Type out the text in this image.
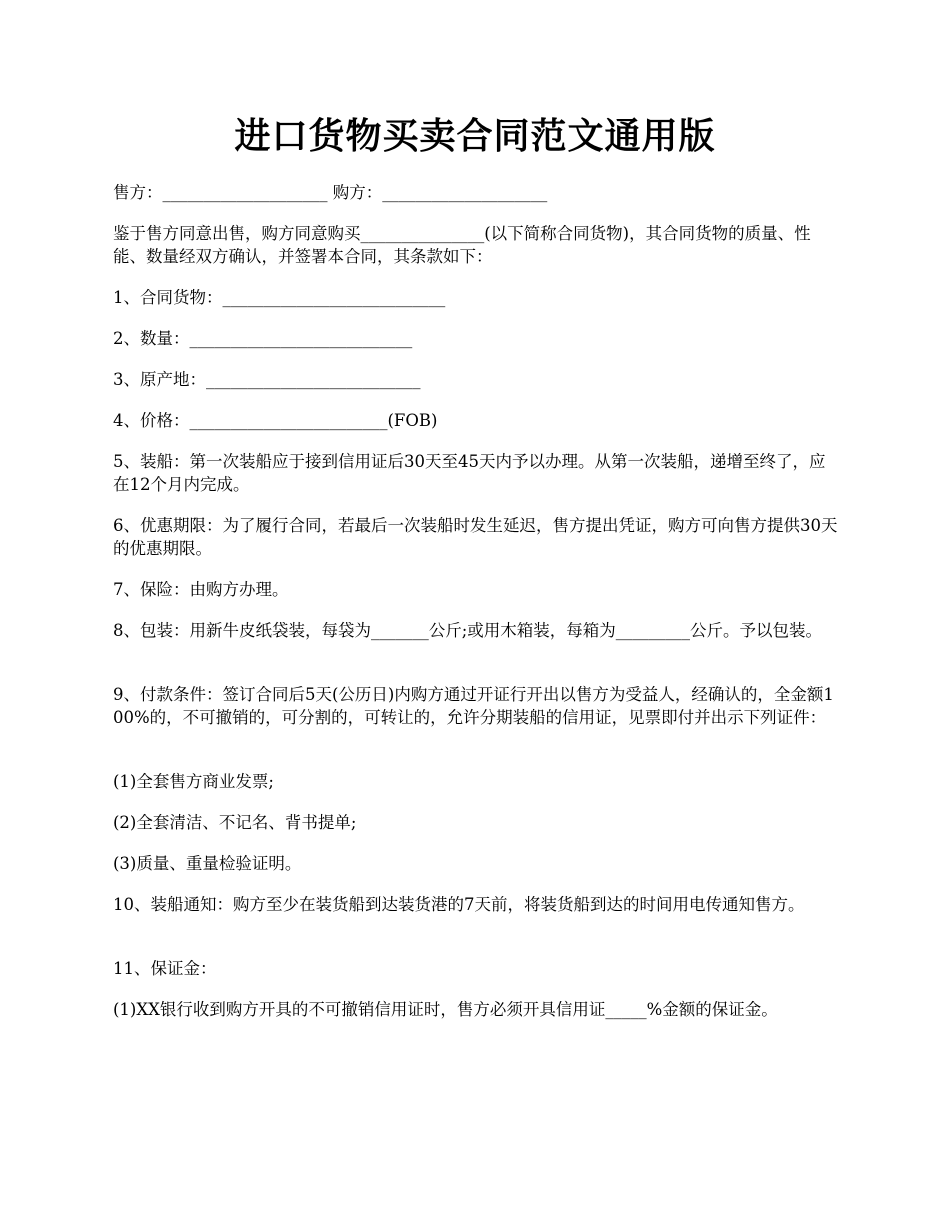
进口货物买卖合同范文通用版

售方：____________________ 购方：____________________

鉴于售方同意出售，购方同意购买_______________(以下简称合同货物)，其合同货物的质量、性能、数量经双方确认，并签署本合同，其条款如下：

1、合同货物：___________________________

2、数量：___________________________

3、原产地：__________________________

4、价格：________________________(FOB)

5、装船：第一次装船应于接到信用证后30天至45天内予以办理。从第一次装船，递增至终了，应在12个月内完成。

6、优惠期限：为了履行合同，若最后一次装船时发生延迟，售方提出凭证，购方可向售方提供30天的优惠期限。

7、保险：由购方办理。

8、包装：用新牛皮纸袋装，每袋为_______公斤;或用木箱装，每箱为_________公斤。予以包装。

9、付款条件：签订合同后5天(公历日)内购方通过开证行开出以售方为受益人，经确认的，全金额100%的，不可撤销的，可分割的，可转让的，允许分期装船的信用证，见票即付并出示下列证件：

(1)全套售方商业发票;

(2)全套清洁、不记名、背书提单;

(3)质量、重量检验证明。

10、装船通知：购方至少在装货船到达装货港的7天前，将装货船到达的时间用电传通知售方。

11、保证金：

(1)XX银行收到购方开具的不可撤销信用证时，售方必须开具信用证_____%金额的保证金。
